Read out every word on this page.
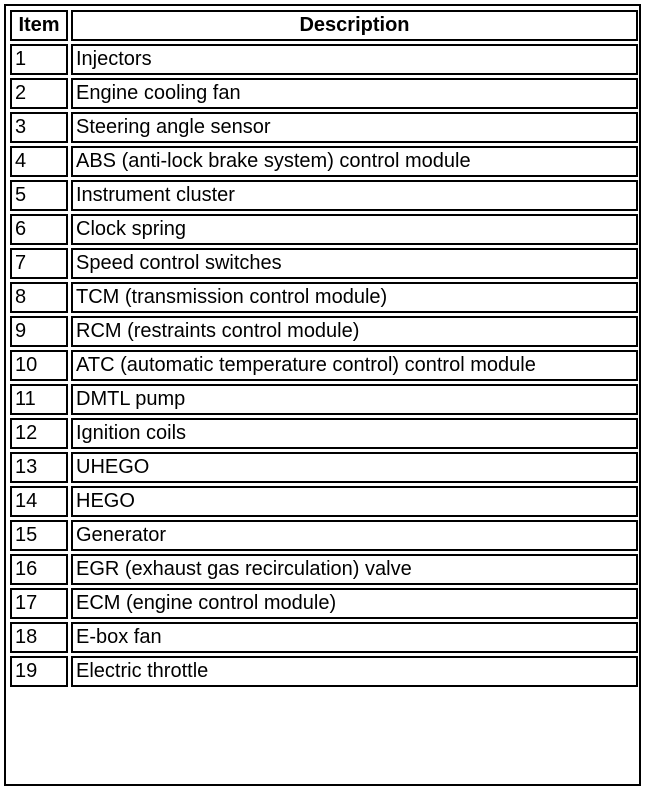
Item	Description
1	Injectors
2	Engine cooling fan
3	Steering angle sensor
4	ABS (anti-lock brake system) control module
5	Instrument cluster
6	Clock spring
7	Speed control switches
8	TCM (transmission control module)
9	RCM (restraints control module)
10	ATC (automatic temperature control) control module
11	DMTL pump
12	Ignition coils
13	UHEGO
14	HEGO
15	Generator
16	EGR (exhaust gas recirculation) valve
17	ECM (engine control module)
18	E-box fan
19	Electric throttle
